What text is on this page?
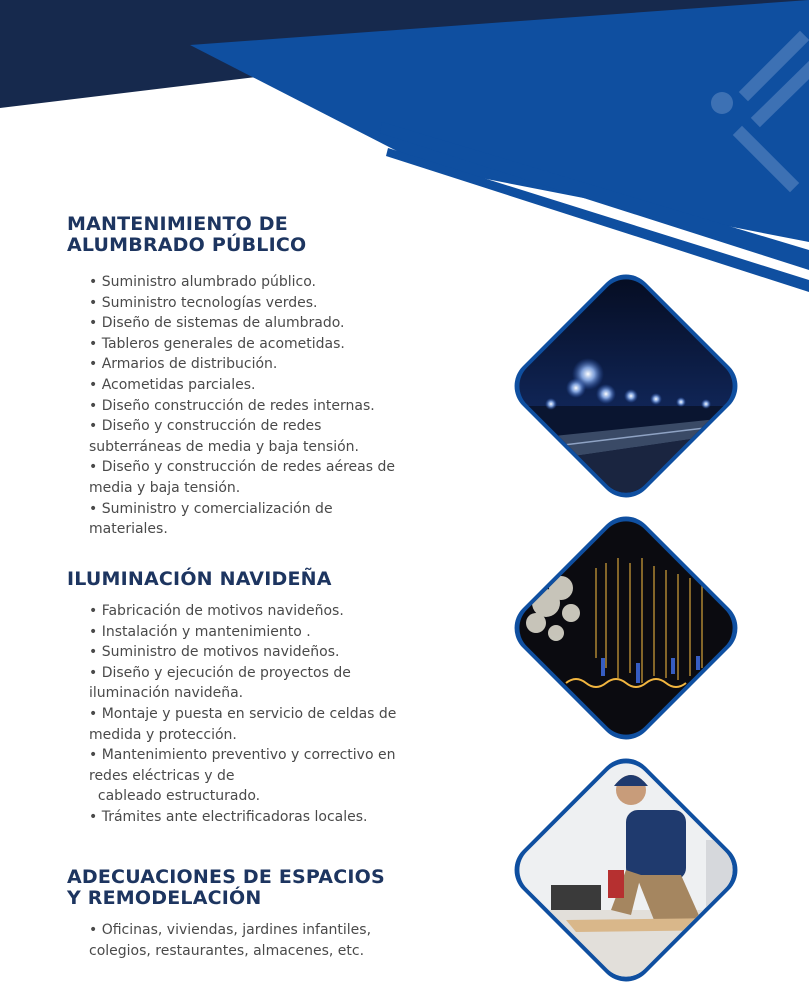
MANTENIMIENTO DE
ALUMBRADO PÚBLICO
• Suministro alumbrado público.
• Suministro tecnologías verdes.
• Diseño de sistemas de alumbrado.
• Tableros generales de acometidas.
• Armarios de distribución.
• Acometidas parciales.
• Diseño construcción de redes internas.
• Diseño y construcción de redes
subterráneas de media y baja tensión.
• Diseño y construcción de redes aéreas de
media y baja tensión.
• Suministro y comercialización de
materiales.
ILUMINACIÓN NAVIDEÑA
• Fabricación de motivos navideños.
• Instalación y mantenimiento .
• Suministro de motivos navideños.
• Diseño y ejecución de proyectos de
iluminación navideña.
• Montaje y puesta en servicio de celdas de
medida y protección.
• Mantenimiento preventivo y correctivo en
redes eléctricas y de
cableado estructurado.
• Trámites ante electrificadoras locales.
ADECUACIONES DE ESPACIOS
Y REMODELACIÓN
• Oficinas, viviendas, jardines infantiles,
colegios, restaurantes, almacenes, etc.
